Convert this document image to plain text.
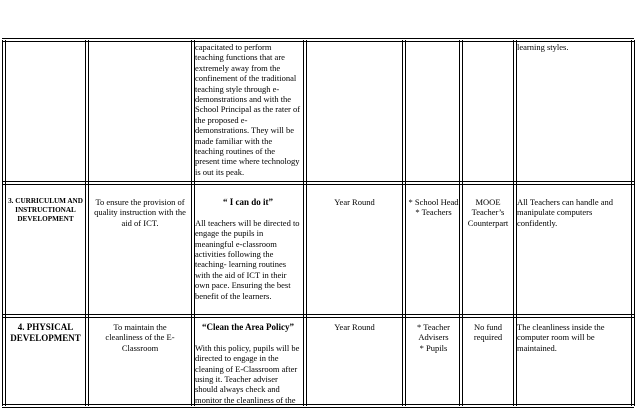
capacitated to perform teaching functions that are extremely away from the confinement of the traditional teaching style through e-demonstrations and with the School Principal as the rater of the proposed e-demonstrations. They will be made familiar with the teaching routines of the present time where technology is out its peak.

learning styles.

3. CURRICULUM AND INSTRUCTIONAL DEVELOPMENT

To ensure the provision of quality instruction with the aid of ICT.

“ I can do it”
All teachers will be directed to engage the pupils in meaningful e-classroom activities following the teaching- learning routines with the aid of ICT in their own pace. Ensuring the best benefit of the learners.

Year Round	* School Head
* Teachers
MOOE
Teacher’s Counterpart

All Teachers can handle and manipulate computers confidently.

4. PHYSICAL DEVELOPMENT

To maintain the cleanliness of the E-Classroom

“Clean the Area Policy”
With this policy, pupils will be directed to engage in the cleaning of E-Classroom after using it. Teacher adviser should always check and monitor the cleanliness of the

Year Round	* Teacher Advisers
* Pupils
No fund
required

The cleanliness inside the computer room will be maintained.
